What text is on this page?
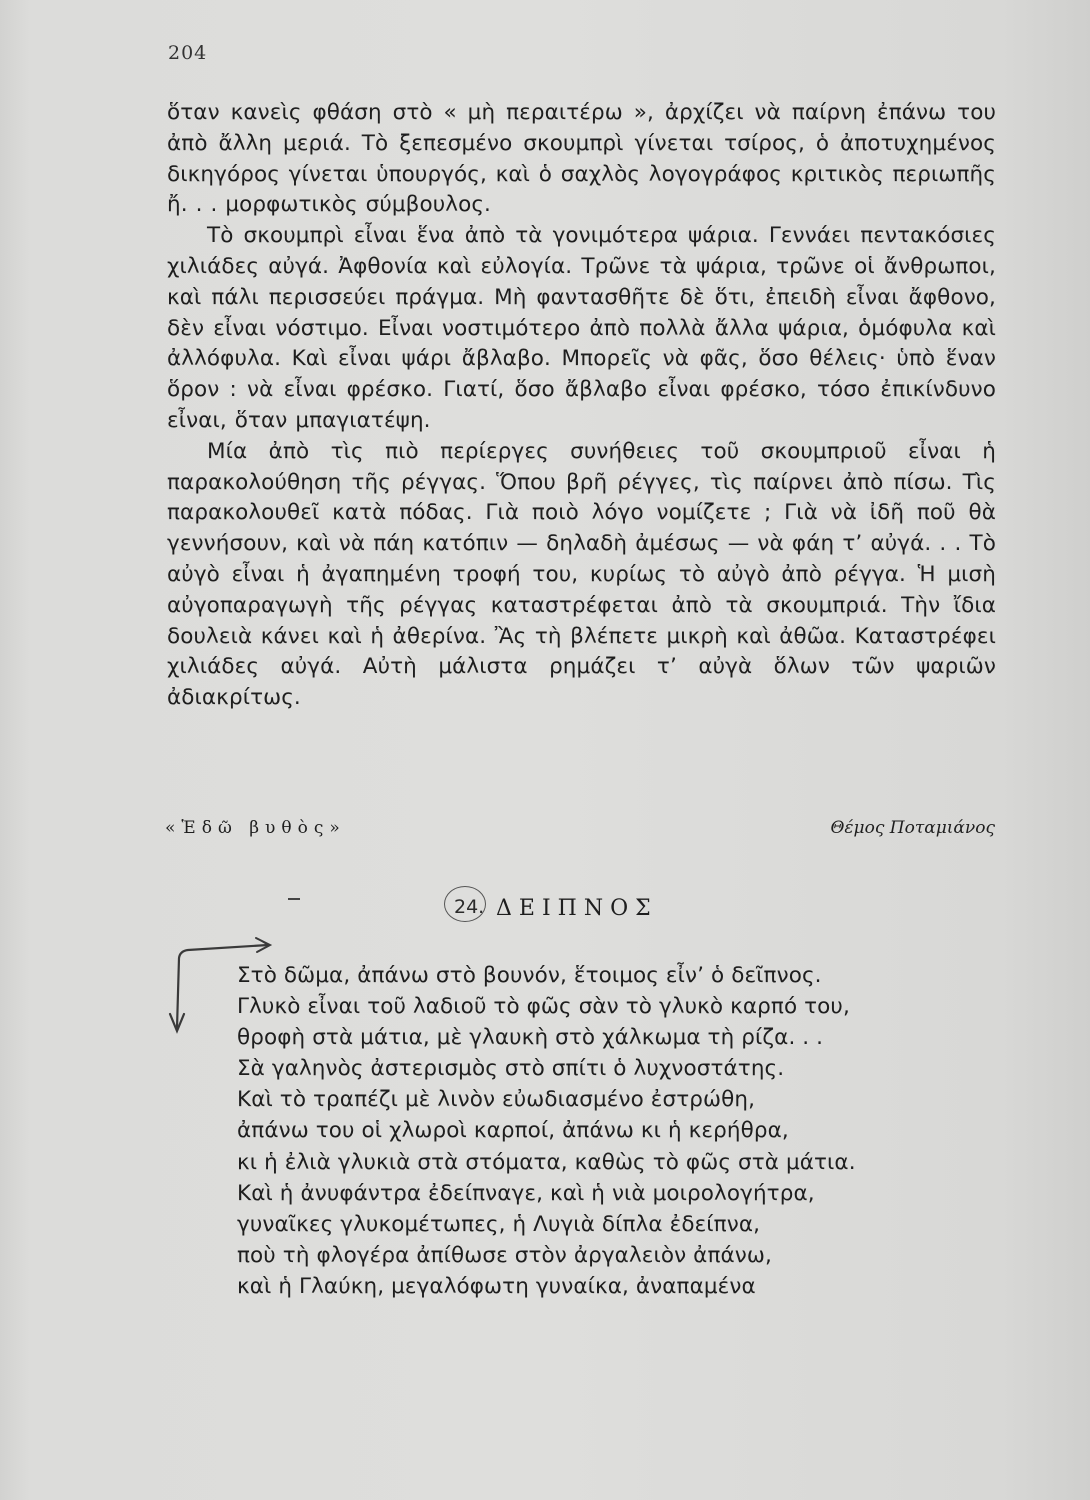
204

ὅταν κανεὶς φθάση στὸ « μὴ περαιτέρω », ἀρχίζει νὰ παίρνη ἐπάνω του ἀπὸ ἄλλη μεριά. Τὸ ξεπεσμένο σκουμπρὶ γίνεται τσίρος, ὁ ἀποτυχημένος δικηγόρος γίνεται ὑπουργός, καὶ ὁ σαχλὸς λογογράφος κριτικὸς περιωπῆς ἤ. . . μορφωτικὸς σύμβουλος.

Τὸ σκουμπρὶ εἶναι ἕνα ἀπὸ τὰ γονιμότερα ψάρια. Γεννάει πεντακόσιες χιλιάδες αὐγά. Ἀφθονία καὶ εὐλογία. Τρῶνε τὰ ψάρια, τρῶνε οἱ ἄνθρωποι, καὶ πάλι περισσεύει πράγμα. Μὴ φαντασθῆτε δὲ ὅτι, ἐπειδὴ εἶναι ἄφθονο, δὲν εἶναι νόστιμο. Εἶναι νοστιμότερο ἀπὸ πολλὰ ἄλλα ψάρια, ὁμόφυλα καὶ ἀλλόφυλα. Καὶ εἶναι ψάρι ἄβλαβο. Μπορεῖς νὰ φᾶς, ὅσο θέλεις· ὑπὸ ἕναν ὅρον : νὰ εἶναι φρέσκο. Γιατί, ὅσο ἄβλαβο εἶναι φρέσκο, τόσο ἐπικίνδυνο εἶναι, ὅταν μπαγιατέψη.

Μία ἀπὸ τὶς πιὸ περίεργες συνήθειες τοῦ σκουμπριοῦ εἶναι ἡ παρακολούθηση τῆς ρέγγας. Ὅπου βρῆ ρέγγες, τὶς παίρνει ἀπὸ πίσω. Τὶς παρακολουθεῖ κατὰ πόδας. Γιὰ ποιὸ λόγο νομίζετε ; Γιὰ νὰ ἰδῆ ποῦ θὰ γεννήσουν, καὶ νὰ πάη κατόπιν — δηλαδὴ ἀμέσως — νὰ φάη τ’ αὐγά. . . Τὸ αὐγὸ εἶναι ἡ ἀγαπημένη τροφή του, κυρίως τὸ αὐγὸ ἀπὸ ρέγγα. Ἡ μισὴ αὐγοπαραγωγὴ τῆς ρέγγας καταστρέφεται ἀπὸ τὰ σκουμπριά. Τὴν ἴδια δουλειὰ κάνει καὶ ἡ ἀθερίνα. Ἂς τὴ βλέπετε μικρὴ καὶ ἀθῶα. Καταστρέφει χιλιάδες αὐγά. Αὐτὴ μάλιστα ρημάζει τ’ αὐγὰ ὅλων τῶν ψαριῶν ἀδιακρίτως.

«Ἑδῶ βυθὸς»	Θέμος Ποταμιάνος
24. ΔΕΙΠΝΟΣ
Στὸ δῶμα, ἀπάνω στὸ βουνόν, ἕτοιμος εἶν’ ὁ δεῖπνος.
Γλυκὸ εἶναι τοῦ λαδιοῦ τὸ φῶς σὰν τὸ γλυκὸ καρπό του,
θροφὴ στὰ μάτια, μὲ γλαυκὴ στὸ χάλκωμα τὴ ρίζα. . .
Σὰ γαληνὸς ἀστερισμὸς στὸ σπίτι ὁ λυχνοστάτης.
Καὶ τὸ τραπέζι μὲ λινὸν εὐωδιασμένο ἐστρώθη,
ἀπάνω του οἱ χλωροὶ καρποί, ἀπάνω κι ἡ κερήθρα,
κι ἡ ἐλιὰ γλυκιὰ στὰ στόματα, καθὼς τὸ φῶς στὰ μάτια.
Καὶ ἡ ἀνυφάντρα ἐδείπναγε, καὶ ἡ νιὰ μοιρολογήτρα,
γυναῖκες γλυκομέτωπες, ἡ Λυγιὰ δίπλα ἐδείπνα,
ποὺ τὴ φλογέρα ἀπίθωσε στὸν ἀργαλειὸν ἀπάνω,
καὶ ἡ Γλαύκη, μεγαλόφωτη γυναίκα, ἀναπαμένα
